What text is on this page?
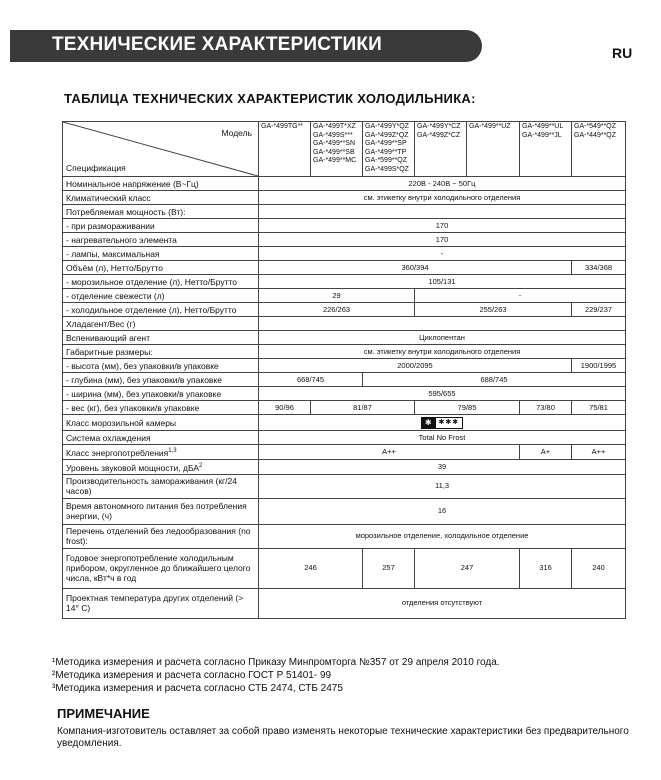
ТЕХНИЧЕСКИЕ ХАРАКТЕРИСТИКИ	RU
ТАБЛИЦА ТЕХНИЧЕСКИХ ХАРАКТЕРИСТИК ХОЛОДИЛЬНИКА:
Модель
Спецификация	GA-*499TG**	GA-*499T*XZ GA-*499S*** GA-*499**SN GA-*499**SB GA-*499**MC	GA-*499Y*QZ GA-*499Z*QZ GA-*499**SP GA-*499**TP GA-*599**QZ GA-*499S*QZ	GA-*499Y*CZ GA-*499Z*CZ	GA-*499**UZ	GA-*499**UL GA-*499**JL	GA-*549**QZ GA-*449**QZ
Номинальное напряжение (В~Гц)	220В - 240В ~ 50Гц						
Климатический класс	см. этикетку внутри холодильного отделения						
Потребляемая мощность (Вт):							
- при размораживании	170						
- нагревательного элемента	170						
- лампы, максимальная	-						
Объём (л), Нетто/Брутто	360/394						334/368
- морозильное отделение (л), Нетто/Брутто	105/131						
- отделение свежести (л)	29			-			
- холодильное отделение (л), Нетто/Брутто	226/263			255/263			229/237
Хладагент/Вес (г)							
Вспенивающий агент	Циклопентан						
Габаритные размеры:	см. этикетку внутри холодильного отделения						
- высота (мм), без упаковки/в упаковке	2000/2095						1900/1995
- глубина (мм), без упаковки/в упаковке	668/745		688/745				
- ширина (мм), без упаковки/в упаковке	595/655						
- вес (кг), без упаковки/в упаковке	90/96	81/87		79/85		73/80	75/81
Класс морозильной камеры	✱ ✱✱✱						
Система охлаждения	Total No Frost						
Класс энергопотребления$^{1,3}$	A++					A+	A++
Уровень звуковой мощности, дБА$^2$	39						
Производительность замораживания (кг/24 часов)	11,3						
Время автономного питания без потребления энергии, (ч)	16						
Перечень отделений без ледообразования (no frost):	морозильное отделение, холодильное отделение						
Годовое энергопотребление холодильным прибором, округленное до ближайшего целого числа, кВт*ч в год	246		257	247		316	240
Проектная температура других отделений (> 14° С)	отделения отсутствуют						
¹Методика измерения и расчета согласно Приказу Минпромторга №357 от 29 апреля 2010 года.
²Методика измерения и расчета согласно ГОСТ Р 51401- 99
³Методика измерения и расчета согласно СТБ 2474, СТБ 2475
ПРИМЕЧАНИЕ
Компания-изготовитель оставляет за собой право изменять некоторые технические характеристики без предварительного уведомления.
